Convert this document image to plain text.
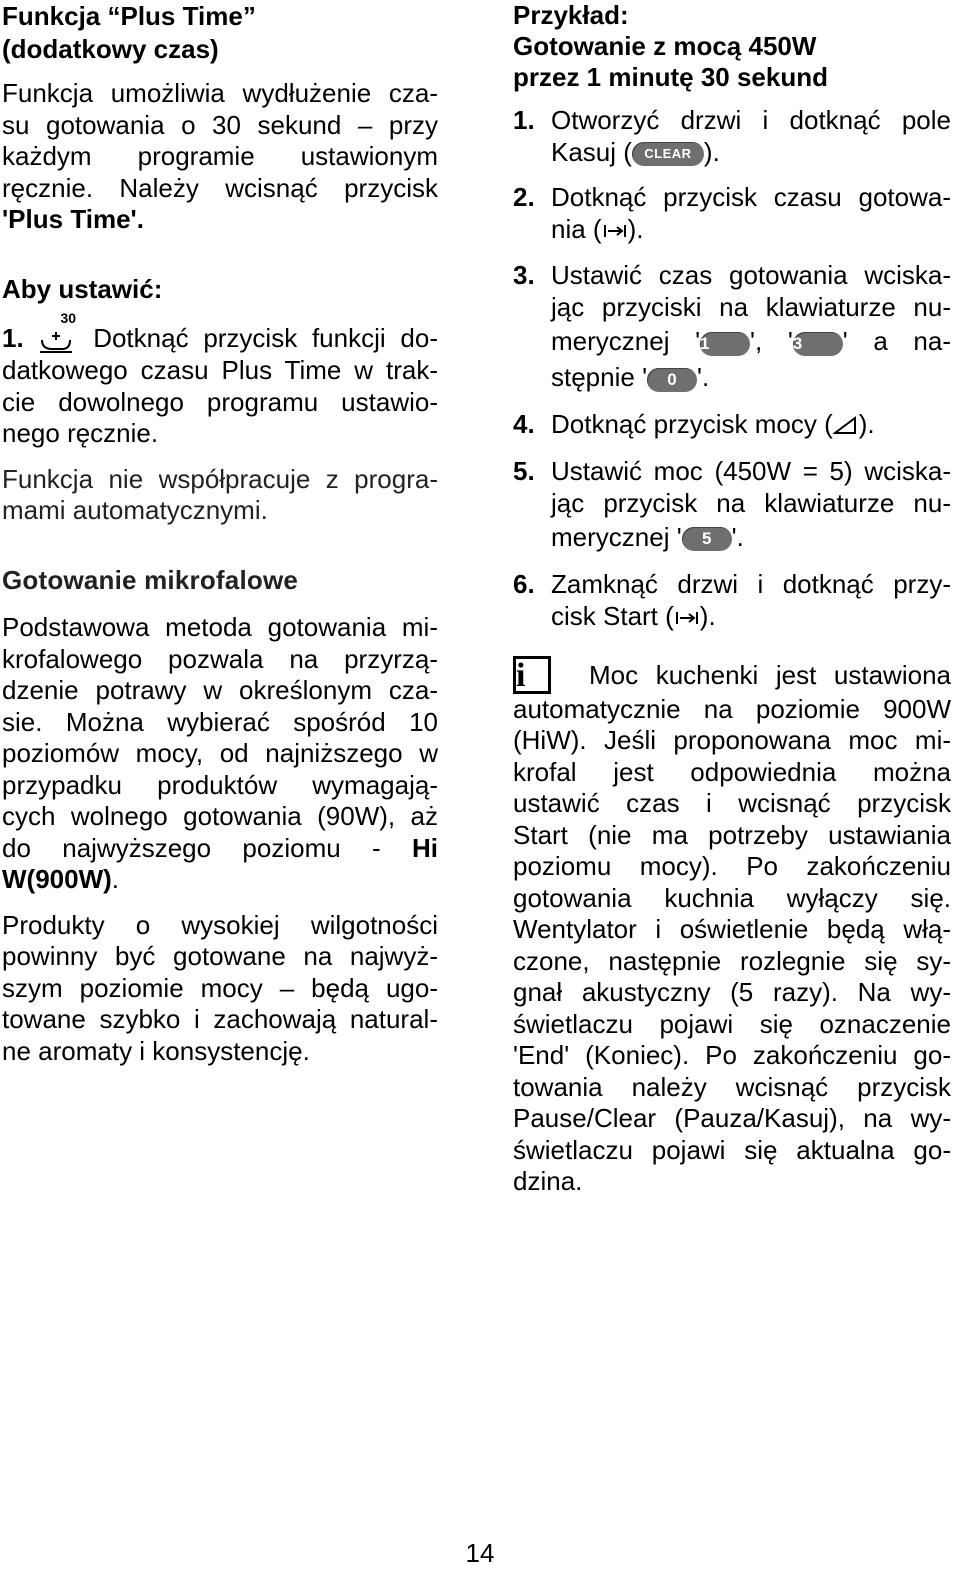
Funkcja “Plus Time”
(dodatkowy czas)

Funkcja umożliwia wydłużenie cza-

su gotowania o 30 sekund – przy

każdym programie ustawionym

ręcznie. Należy wcisnąć przycisk

'Plus Time'.

Aby ustawić:

1.
30
Dotknąć przycisk funkcji do-

datkowego czasu Plus Time w trak-

cie dowolnego programu ustawio-

nego ręcznie.

Funkcja nie współpracuje z progra-

mami automatycznymi.

Gotowanie mikrofalowe

Podstawowa metoda gotowania mi-

krofalowego pozwala na przyrzą-

dzenie potrawy w określonym cza-

sie. Można wybierać spośród 10

poziomów mocy, od najniższego w

przypadku produktów wymagają-

cych wolnego gotowania (90W), aż

do najwyższego poziomu - Hi

W(900W).

Produkty o wysokiej wilgotności

powinny być gotowane na najwyż-

szym poziomie mocy – będą ugo-

towane szybko i zachowają natural-

ne aromaty i konsystencję.

Przykład:

Gotowanie z mocą 450W

przez 1 minutę 30 sekund

1. Otworzyć drzwi i dotknąć pole

Kasuj ( CLEAR ).

2. Dotknąć przycisk czasu gotowa-

nia ( ).

3. Ustawić czas gotowania wciska-

jąc przyciski na klawiaturze nu-

merycznej '1 ', '3 ' a na-

stępnie ' 0 '.

4. Dotknąć przycisk mocy ( ).

5. Ustawić moc (450W = 5) wciska-

jąc przycisk na klawiaturze nu-

merycznej ' 5 '.

6. Zamknąć drzwi i dotknąć przy-

cisk Start ( ).

i Moc kuchenki jest ustawiona

automatycznie na poziomie 900W

(HiW). Jeśli proponowana moc mi-

krofal jest odpowiednia można

ustawić czas i wcisnąć przycisk

Start (nie ma potrzeby ustawiania

poziomu mocy). Po zakończeniu

gotowania kuchnia wyłączy się.

Wentylator i oświetlenie będą włą-

czone, następnie rozlegnie się sy-

gnał akustyczny (5 razy). Na wy-

świetlaczu pojawi się oznaczenie

'End' (Koniec). Po zakończeniu go-

towania należy wcisnąć przycisk

Pause/Clear (Pauza/Kasuj), na wy-

świetlaczu pojawi się aktualna go-

dzina.

14
